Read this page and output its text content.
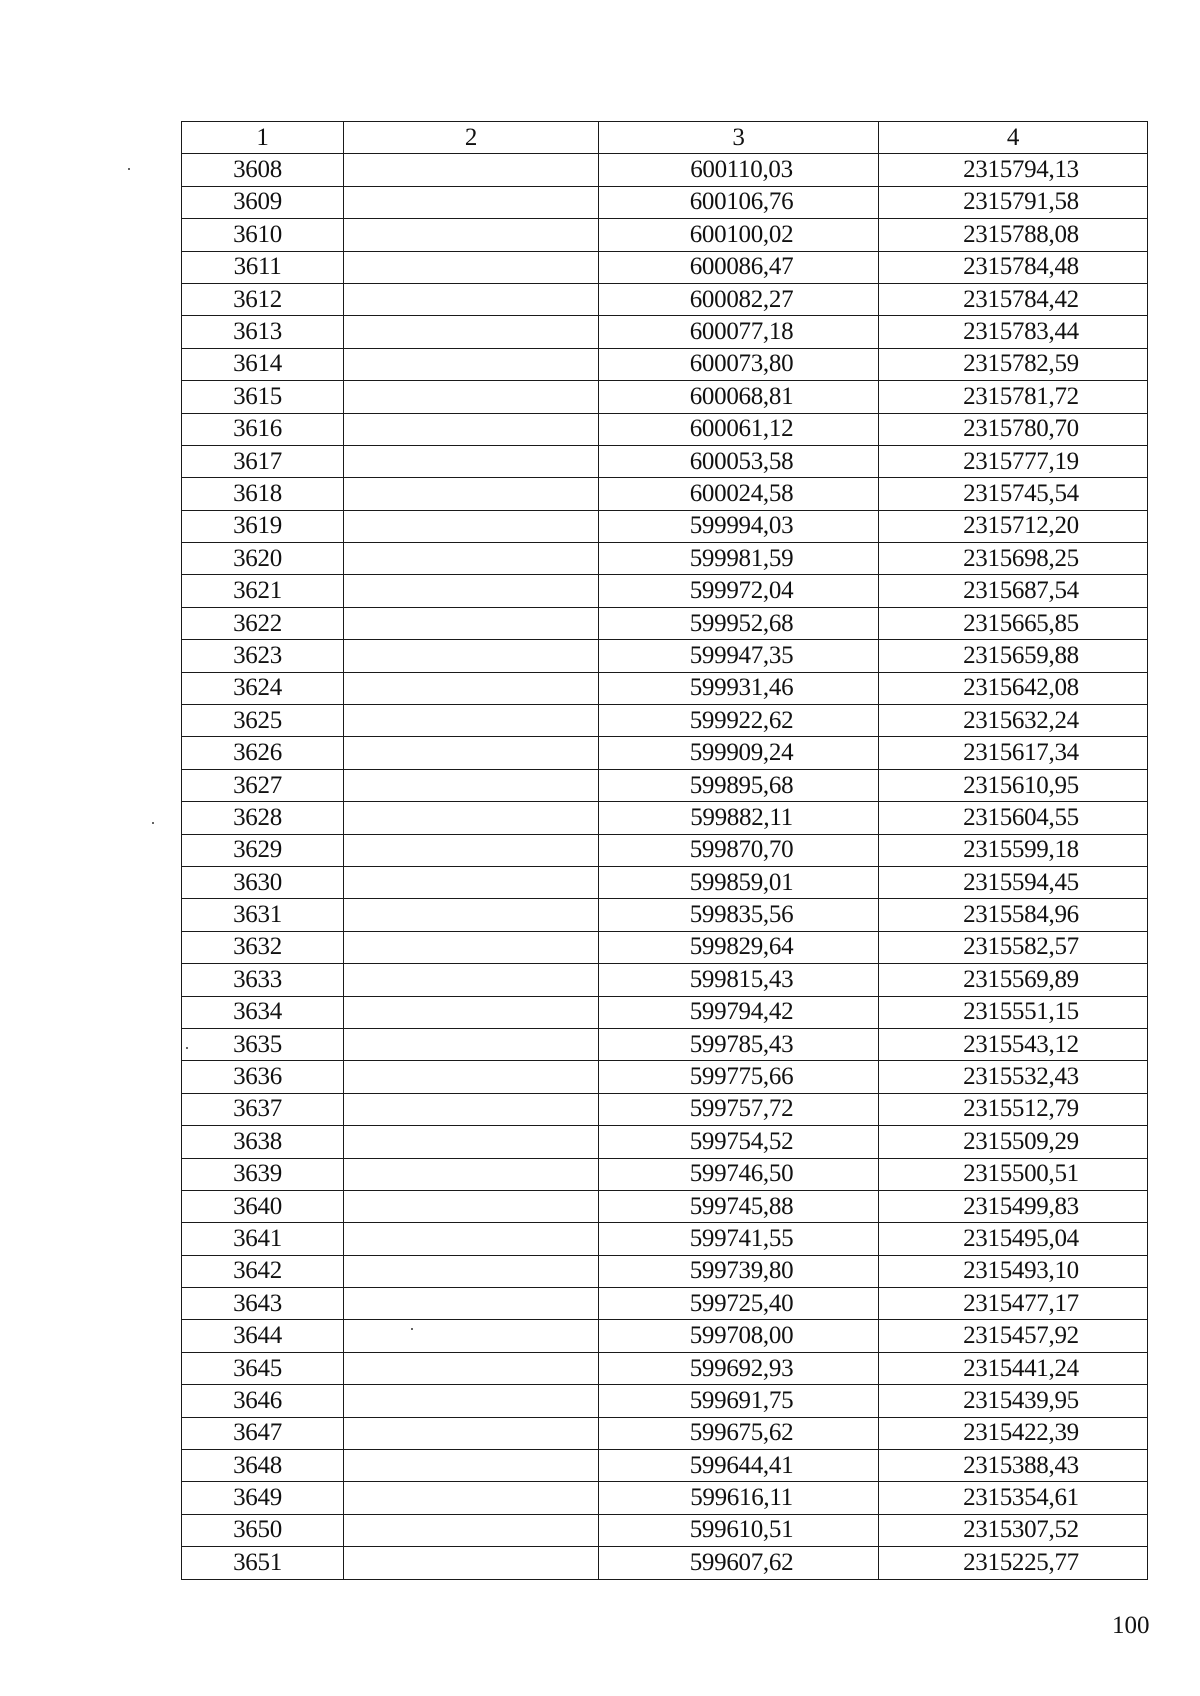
1	2	3	4
3608		600110,03	2315794,13
3609		600106,76	2315791,58
3610		600100,02	2315788,08
3611		600086,47	2315784,48
3612		600082,27	2315784,42
3613		600077,18	2315783,44
3614		600073,80	2315782,59
3615		600068,81	2315781,72
3616		600061,12	2315780,70
3617		600053,58	2315777,19
3618		600024,58	2315745,54
3619		599994,03	2315712,20
3620		599981,59	2315698,25
3621		599972,04	2315687,54
3622		599952,68	2315665,85
3623		599947,35	2315659,88
3624		599931,46	2315642,08
3625		599922,62	2315632,24
3626		599909,24	2315617,34
3627		599895,68	2315610,95
3628		599882,11	2315604,55
3629		599870,70	2315599,18
3630		599859,01	2315594,45
3631		599835,56	2315584,96
3632		599829,64	2315582,57
3633		599815,43	2315569,89
3634		599794,42	2315551,15
3635		599785,43	2315543,12
3636		599775,66	2315532,43
3637		599757,72	2315512,79
3638		599754,52	2315509,29
3639		599746,50	2315500,51
3640		599745,88	2315499,83
3641		599741,55	2315495,04
3642		599739,80	2315493,10
3643		599725,40	2315477,17
3644		599708,00	2315457,92
3645		599692,93	2315441,24
3646		599691,75	2315439,95
3647		599675,62	2315422,39
3648		599644,41	2315388,43
3649		599616,11	2315354,61
3650		599610,51	2315307,52
3651		599607,62	2315225,77
100
